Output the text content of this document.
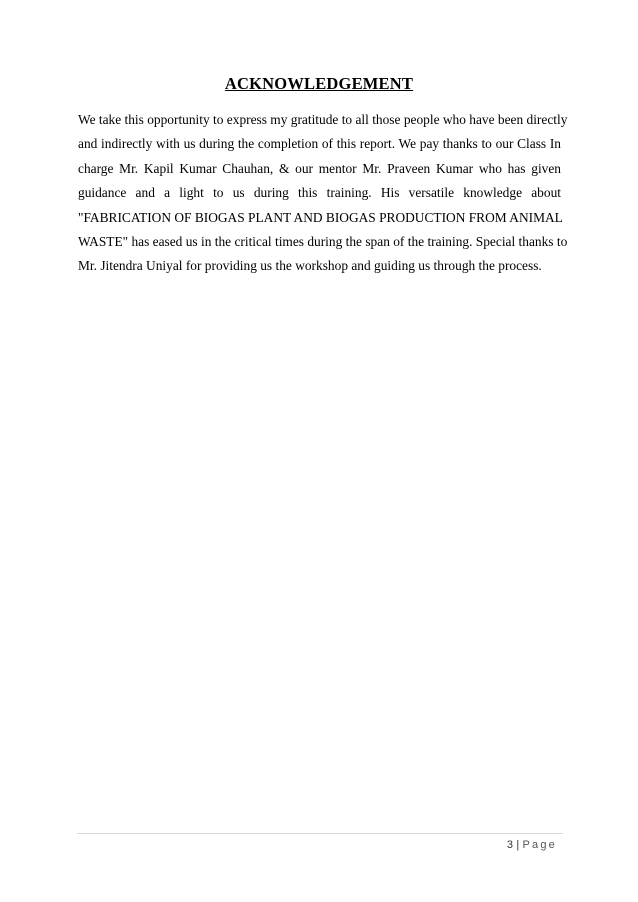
ACKNOWLEDGEMENT
We take this opportunity to express my gratitude to all those people who have been directly
and indirectly with us during the completion of this report. We pay thanks to our Class In
charge Mr. Kapil Kumar Chauhan, & our mentor Mr. Praveen Kumar who has given
guidance and a light to us during this training. His versatile knowledge about
"FABRICATION OF BIOGAS PLANT AND BIOGAS PRODUCTION FROM ANIMAL
WASTE" has eased us in the critical times during the span of the training. Special thanks to
Mr. Jitendra Uniyal for providing us the workshop and guiding us through the process.
3 | Page
